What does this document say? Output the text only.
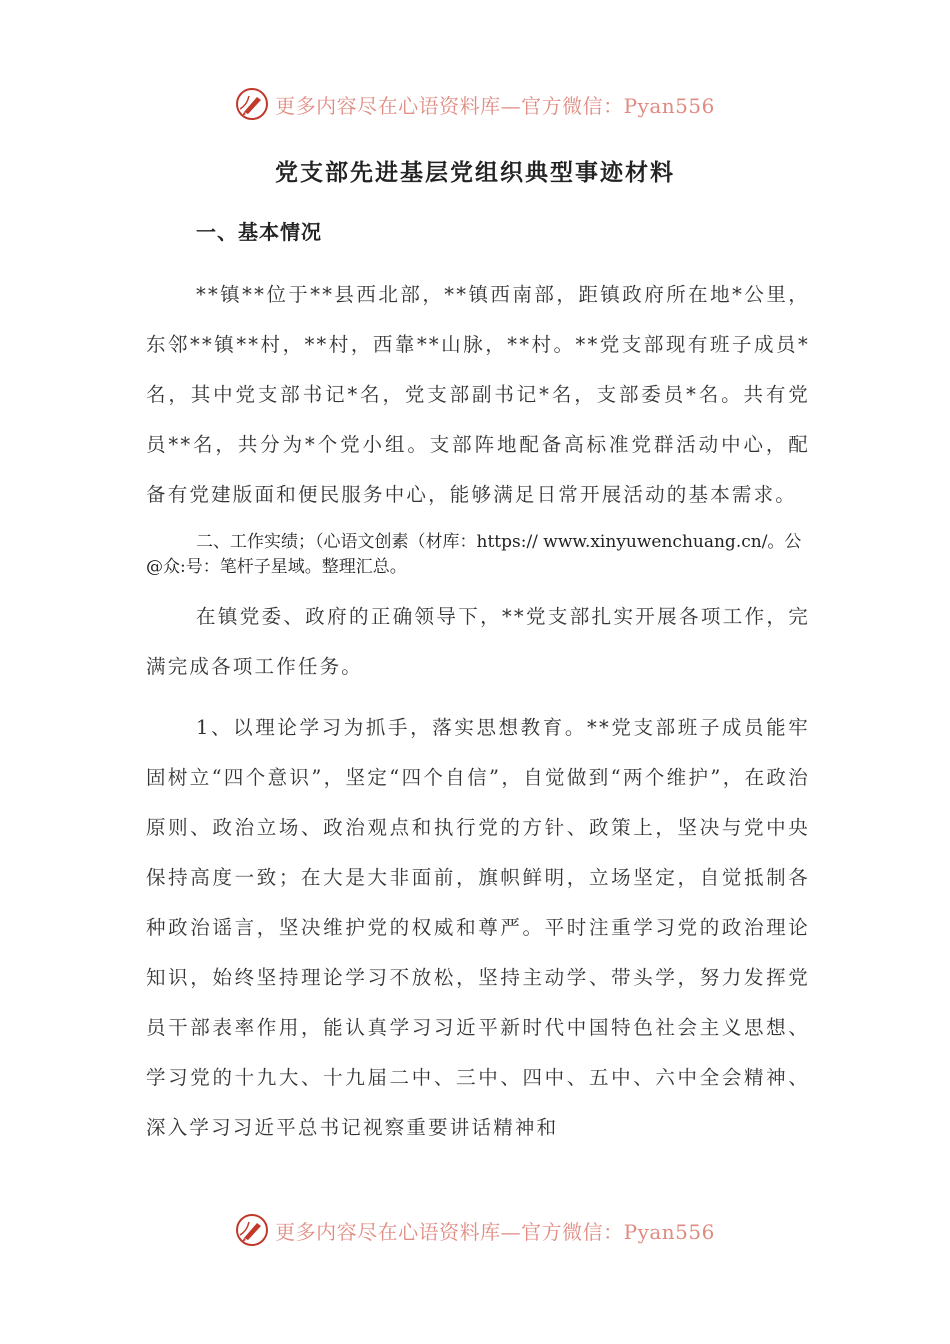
更多内容尽在心语资料库—官方微信：Pyan556
党支部先进基层党组织典型事迹材料
一、基本情况

**镇**位于**县西北部，**镇西南部，距镇政府所在地*公里，东邻**镇**村，**村，西靠**山脉，**村。**党支部现有班子成员*名，其中党支部书记*名，党支部副书记*名，支部委员*名。共有党员**名，共分为*个党小组。支部阵地配备高标准党群活动中心，配备有党建版面和便民服务中心，能够满足日常开展活动的基本需求。

二、工作实绩；（心语文创素（材库：https:// www.xinyuwenchuang.cn/。公@众:号：笔杆子星域。整理汇总。

在镇党委、政府的正确领导下，**党支部扎实开展各项工作，完满完成各项工作任务。

1、以理论学习为抓手，落实思想教育。**党支部班子成员能牢固树立“四个意识”，坚定“四个自信”，自觉做到“两个维护”，在政治原则、政治立场、政治观点和执行党的方针、政策上，坚决与党中央保持高度一致；在大是大非面前，旗帜鲜明，立场坚定，自觉抵制各种政治谣言，坚决维护党的权威和尊严。平时注重学习党的政治理论知识，始终坚持理论学习不放松，坚持主动学、带头学，努力发挥党员干部表率作用，能认真学习习近平新时代中国特色社会主义思想、学习党的十九大、十九届二中、三中、四中、五中、六中全会精神、深入学习习近平总书记视察重要讲话精神和

更多内容尽在心语资料库—官方微信：Pyan556
